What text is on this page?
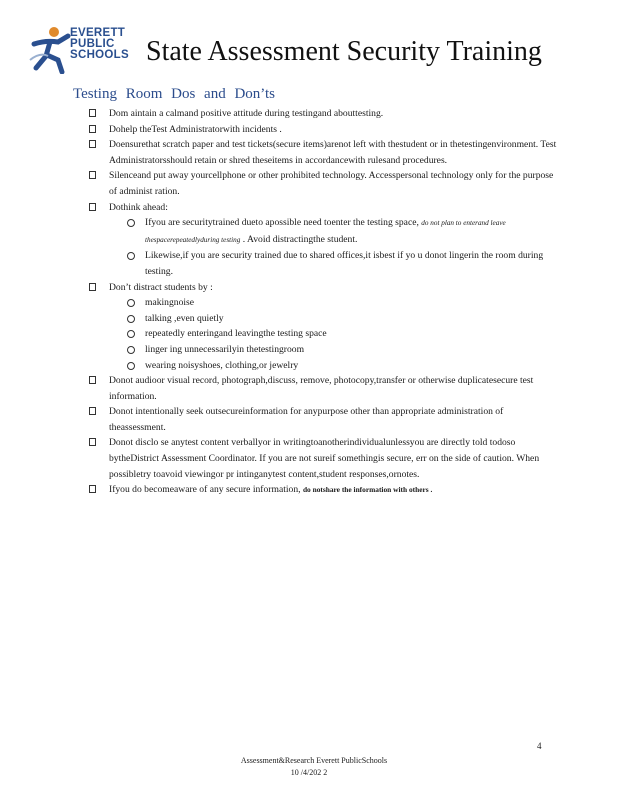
EVERETT
PUBLIC
SCHOOLS State Assessment Security Training
Testing Room Dos and Don’ts
Dom aintain a calmand positive attitude during testingand abouttesting.
Dohelp theTest Administratorwith incidents .
Doensurethat scratch paper and test tickets(secure items)arenot left with thestudent or in thetestingenvironment. Test Administratorsshould retain or shred theseitems in accordancewith rulesand procedures.
Silenceand put away yourcellphone or other prohibited technology. Accesspersonal technology only for the purpose of administ ration.
Dothink ahead:
Ifyou are securitytrained dueto apossible need toenter the testing space, do not plan to enterand leave thespacerepeatedlyduring testing . Avoid distractingthe student.
Likewise,if you are security trained due to shared offices,it isbest if yo u donot lingerin the room during testing.
Don’t distract students by :
makingnoise
talking ,even quietly
repeatedly enteringand leavingthe testing space
linger ing unnecessarilyin thetestingroom
wearing noisyshoes, clothing,or jewelry
Donot audioor visual record, photograph,discuss, remove, photocopy,transfer or otherwise duplicatesecure test information.
Donot intentionally seek outsecureinformation for anypurpose other than appropriate administration of theassessment.
Donot disclo se anytest content verballyor in writingtoanotherindividualunlessyou are directly told todoso bytheDistrict Assessment Coordinator. If you are not sureif somethingis secure, err on the side of caution. When possibletry toavoid viewingor pr intinganytest content,student responses,ornotes.
Ifyou do becomeaware of any secure information, do notshare the information with others .
4
Assessment&Research Everett PublicSchools
10 /4/202 2
